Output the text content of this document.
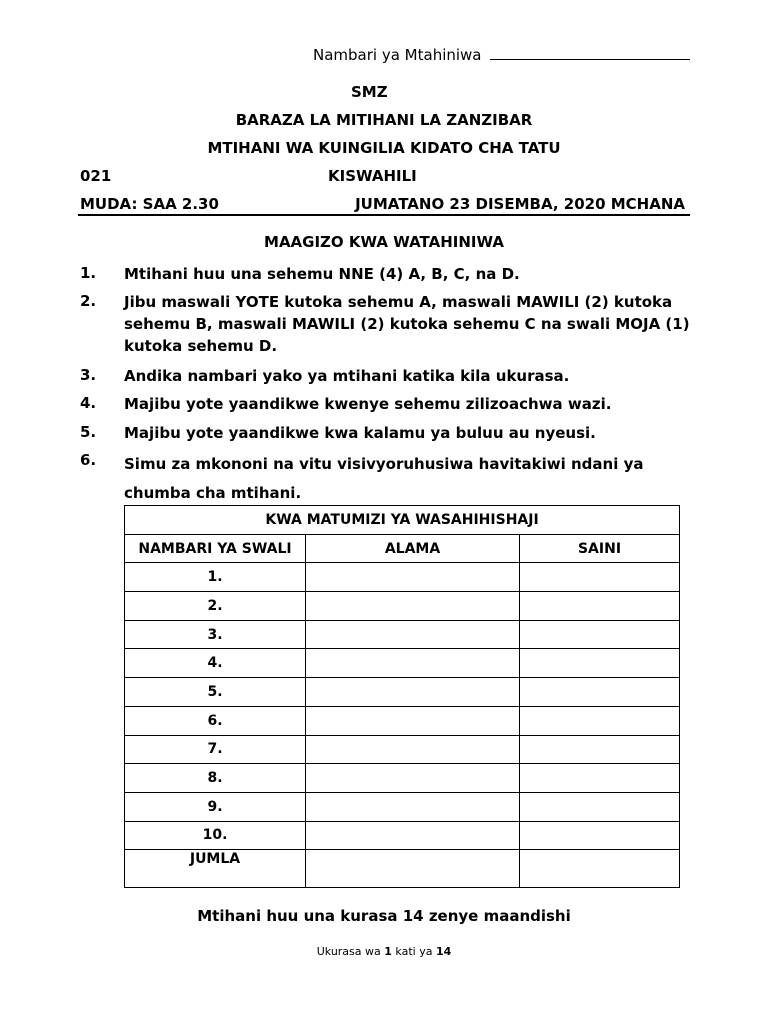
Nambari ya Mtahiniwa
SMZ
BARAZA LA MITIHANI LA ZANZIBAR
MTIHANI WA KUINGILIA KIDATO CHA TATU
021	KISWAHILI
MUDA: SAA 2.30	JUMATANO 23 DISEMBA, 2020 MCHANA
MAAGIZO KWA WATAHINIWA
1. Mtihani huu una sehemu NNE (4) A, B, C, na D.
2. Jibu maswali YOTE kutoka sehemu A, maswali MAWILI (2) kutoka sehemu B, maswali MAWILI (2) kutoka sehemu C na swali MOJA (1) kutoka sehemu D.
3. Andika nambari yako ya mtihani katika kila ukurasa.
4. Majibu yote yaandikwe kwenye sehemu zilizoachwa wazi.
5. Majibu yote yaandikwe kwa kalamu ya buluu au nyeusi.
6. Simu za mkononi na vitu visivyoruhusiwa havitakiwi ndani ya chumba cha mtihani.
KWA MATUMIZI YA WASAHIHISHAJI		
NAMBARI YA SWALI	ALAMA	SAINI
1.		
2.		
3.		
4.		
5.		
6.		
7.		
8.		
9.		
10.		
JUMLA		
Mtihani huu una kurasa 14 zenye maandishi
Ukurasa wa 1 kati ya 14
